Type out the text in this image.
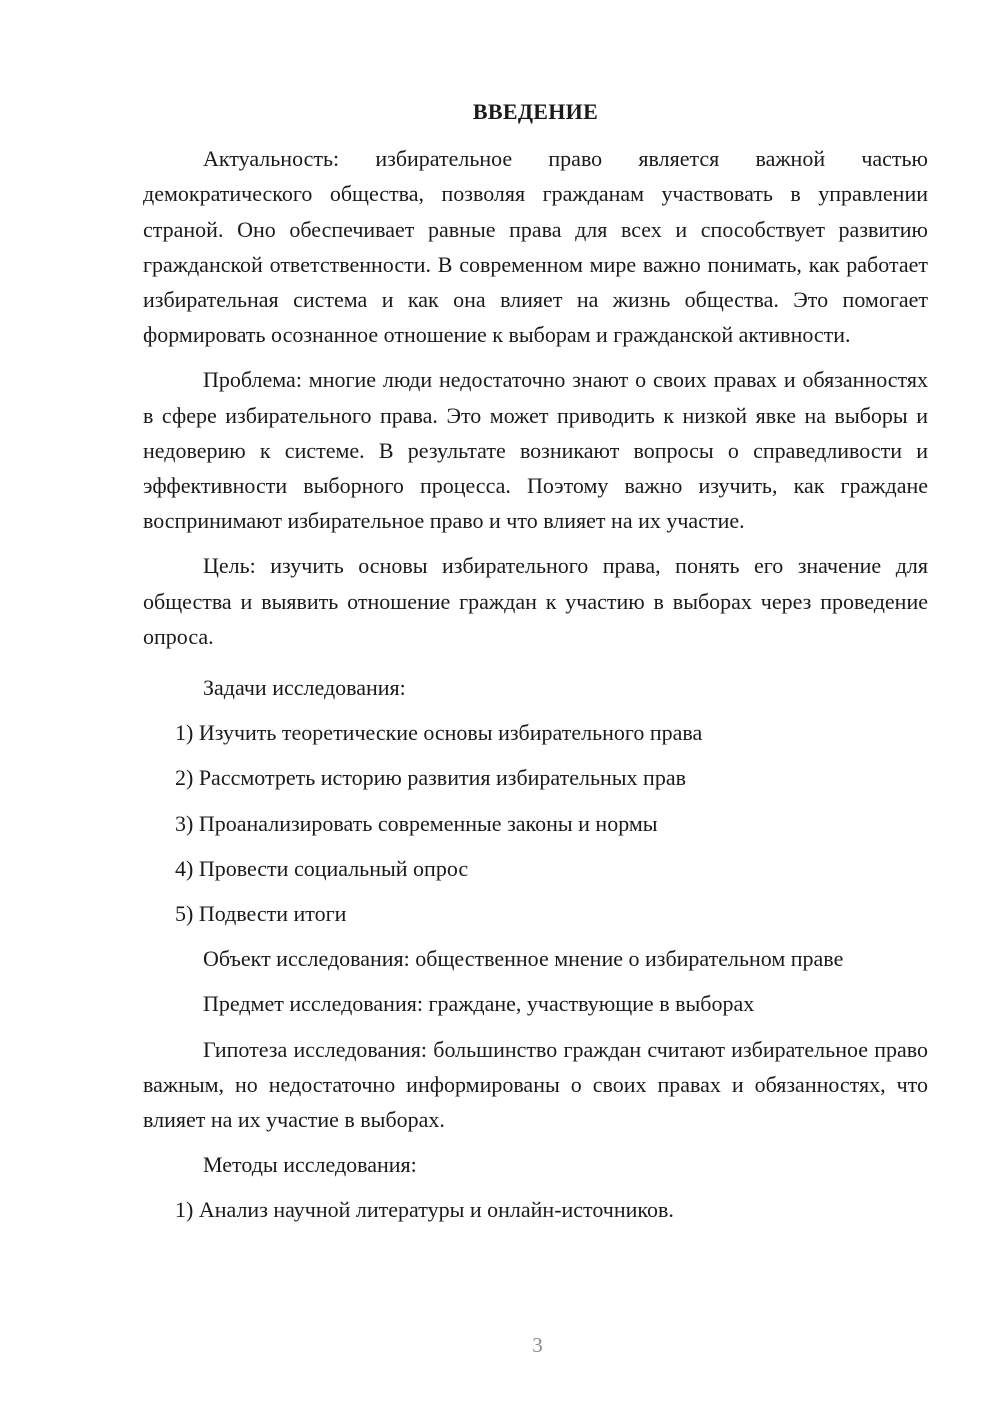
ВВЕДЕНИЕ

Актуальность: избирательное право является важной частью демократического общества, позволяя гражданам участвовать в управлении страной. Оно обеспечивает равные права для всех и способствует развитию гражданской ответственности. В современном мире важно понимать, как работает избирательная система и как она влияет на жизнь общества. Это помогает формировать осознанное отношение к выборам и гражданской активности.

Проблема: многие люди недостаточно знают о своих правах и обязанностях в сфере избирательного права. Это может приводить к низкой явке на выборы и недоверию к системе. В результате возникают вопросы о справедливости и эффективности выборного процесса. Поэтому важно изучить, как граждане воспринимают избирательное право и что влияет на их участие.

Цель: изучить основы избирательного права, понять его значение для общества и выявить отношение граждан к участию в выборах через проведение опроса.

Задачи исследования:

1) Изучить теоретические основы избирательного права

2) Рассмотреть историю развития избирательных прав

3) Проанализировать современные законы и нормы

4) Провести социальный опрос

5) Подвести итоги

Объект исследования: общественное мнение о избирательном праве

Предмет исследования: граждане, участвующие в выборах

Гипотеза исследования: большинство граждан считают избирательное право важным, но недостаточно информированы о своих правах и обязанностях, что влияет на их участие в выборах.

Методы исследования:

1) Анализ научной литературы и онлайн-источников.

3
